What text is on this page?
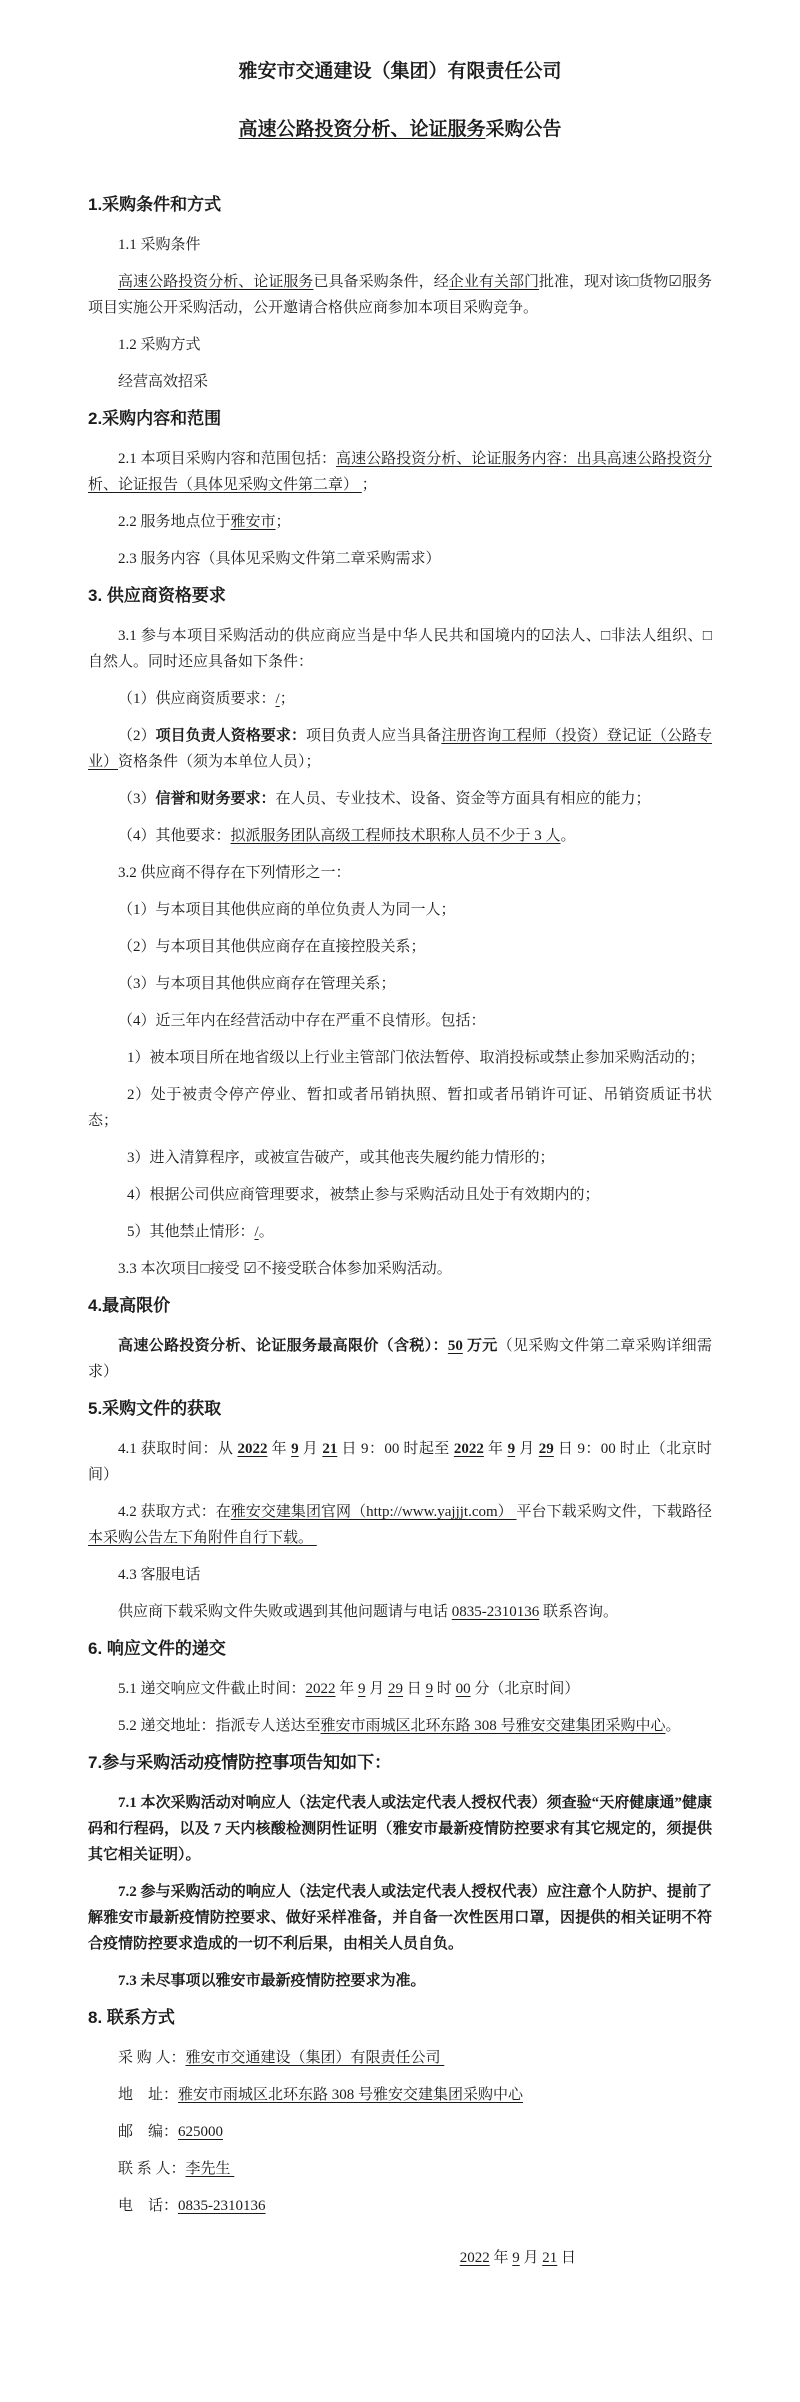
雅安市交通建设（集团）有限责任公司
高速公路投资分析、论证服务采购公告
1.采购条件和方式
1.1 采购条件
高速公路投资分析、论证服务已具备采购条件，经企业有关部门批准，现对该□货物☑服务项目实施公开采购活动，公开邀请合格供应商参加本项目采购竞争。
1.2 采购方式
经营高效招采
2.采购内容和范围
2.1 本项目采购内容和范围包括：高速公路投资分析、论证服务内容：出具高速公路投资分析、论证报告（具体见采购文件第二章） ；
2.2 服务地点位于雅安市；
2.3 服务内容（具体见采购文件第二章采购需求）
3. 供应商资格要求
3.1 参与本项目采购活动的供应商应当是中华人民共和国境内的☑法人、□非法人组织、□自然人。同时还应具备如下条件：
（1）供应商资质要求：/；
（2）项目负责人资格要求：项目负责人应当具备注册咨询工程师（投资）登记证（公路专业）资格条件（须为本单位人员）；
（3）信誉和财务要求：在人员、专业技术、设备、资金等方面具有相应的能力；
（4）其他要求：拟派服务团队高级工程师技术职称人员不少于 3 人。
3.2 供应商不得存在下列情形之一：
（1）与本项目其他供应商的单位负责人为同一人；
（2）与本项目其他供应商存在直接控股关系；
（3）与本项目其他供应商存在管理关系；
（4）近三年内在经营活动中存在严重不良情形。包括：
1）被本项目所在地省级以上行业主管部门依法暂停、取消投标或禁止参加采购活动的；
2）处于被责令停产停业、暂扣或者吊销执照、暂扣或者吊销许可证、吊销资质证书状态；
3）进入清算程序，或被宣告破产，或其他丧失履约能力情形的；
4）根据公司供应商管理要求，被禁止参与采购活动且处于有效期内的；
5）其他禁止情形：/。
3.3 本次项目□接受 ☑不接受联合体参加采购活动。
4.最高限价
高速公路投资分析、论证服务最高限价（含税）：50 万元（见采购文件第二章采购详细需求）
5.采购文件的获取
4.1 获取时间：从 2022 年 9 月 21 日 9：00 时起至 2022 年 9 月 29 日 9：00 时止（北京时间）
4.2 获取方式：在雅安交建集团官网（http://www.yajjjt.com） 平台下载采购文件，下载路径本采购公告左下角附件自行下载。
4.3 客服电话
供应商下载采购文件失败或遇到其他问题请与电话 0835-2310136 联系咨询。
6. 响应文件的递交
5.1 递交响应文件截止时间：2022 年 9 月 29 日 9 时 00 分（北京时间）
5.2 递交地址：指派专人送达至雅安市雨城区北环东路 308 号雅安交建集团采购中心。
7.参与采购活动疫情防控事项告知如下：
7.1 本次采购活动对响应人（法定代表人或法定代表人授权代表）须查验“天府健康通”健康码和行程码，以及 7 天内核酸检测阴性证明（雅安市最新疫情防控要求有其它规定的，须提供其它相关证明）。
7.2 参与采购活动的响应人（法定代表人或法定代表人授权代表）应注意个人防护、提前了解雅安市最新疫情防控要求、做好采样准备，并自备一次性医用口罩，因提供的相关证明不符合疫情防控要求造成的一切不利后果，由相关人员自负。
7.3 未尽事项以雅安市最新疫情防控要求为准。
8. 联系方式
采 购 人：雅安市交通建设（集团）有限责任公司
地    址：雅安市雨城区北环东路 308 号雅安交建集团采购中心
邮    编：625000
联 系 人：李先生
电    话：0835-2310136
2022 年 9 月 21 日
